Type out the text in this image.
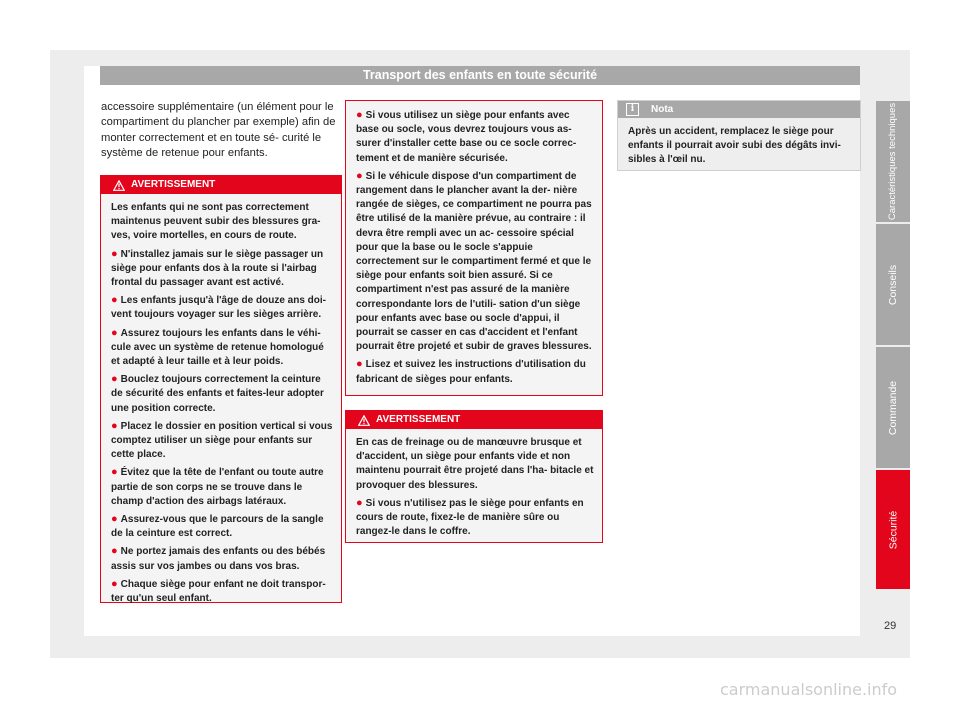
Transport des enfants en toute sécurité
accessoire supplémentaire (un élément pour le compartiment du plancher par exemple) afin de monter correctement et en toute sé- curité le système de retenue pour enfants.
AVERTISSEMENT

Les enfants qui ne sont pas correctement maintenus peuvent subir des blessures gra- ves, voire mortelles, en cours de route.

● N'installez jamais sur le siège passager un siège pour enfants dos à la route si l'airbag frontal du passager avant est activé.
● Les enfants jusqu'à l'âge de douze ans doi- vent toujours voyager sur les sièges arrière.
● Assurez toujours les enfants dans le véhi- cule avec un système de retenue homologué et adapté à leur taille et à leur poids.
● Bouclez toujours correctement la ceinture de sécurité des enfants et faites-leur adopter une position correcte.
● Placez le dossier en position vertical si vous comptez utiliser un siège pour enfants sur cette place.
● Évitez que la tête de l'enfant ou toute autre partie de son corps ne se trouve dans le champ d'action des airbags latéraux.
● Assurez-vous que le parcours de la sangle de la ceinture est correct.
● Ne portez jamais des enfants ou des bébés assis sur vos jambes ou dans vos bras.
● Chaque siège pour enfant ne doit transpor- ter qu'un seul enfant.
● Si vous utilisez un siège pour enfants avec base ou socle, vous devrez toujours vous as- surer d'installer cette base ou ce socle correc- tement et de manière sécurisée.
● Si le véhicule dispose d'un compartiment de rangement dans le plancher avant la der- nière rangée de sièges, ce compartiment ne pourra pas être utilisé de la manière prévue, au contraire : il devra être rempli avec un ac- cessoire spécial pour que la base ou le socle s'appuie correctement sur le compartiment fermé et que le siège pour enfants soit bien assuré. Si ce compartiment n'est pas assuré de la manière correspondante lors de l'utili- sation d'un siège pour enfants avec base ou socle d'appui, il pourrait se casser en cas d'accident et l'enfant pourrait être projeté et subir de graves blessures.
● Lisez et suivez les instructions d'utilisation du fabricant de sièges pour enfants.
AVERTISSEMENT

En cas de freinage ou de manœuvre brusque et d'accident, un siège pour enfants vide et non maintenu pourrait être projeté dans l'ha- bitacle et provoquer des blessures.

● Si vous n'utilisez pas le siège pour enfants en cours de route, fixez-le de manière sûre ou rangez-le dans le coffre.
i	Nota
Après un accident, remplacez le siège pour enfants il pourrait avoir subi des dégâts invi- sibles à l'œil nu.	Caractéristiques techniques
Conseils
Commande
Sécurité
29
carmanualsonline.info
